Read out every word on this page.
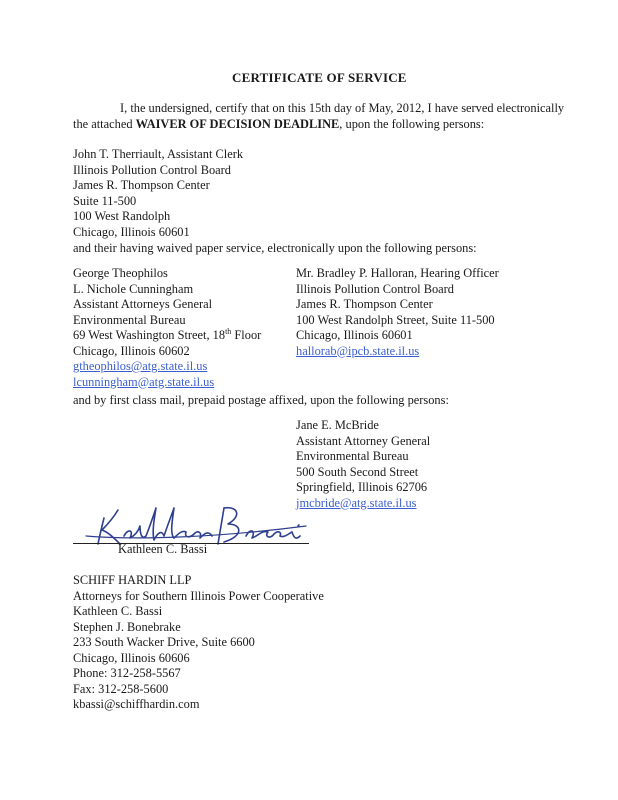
CERTIFICATE OF SERVICE
I, the undersigned, certify that on this 15th day of May, 2012, I have served electronically
the attached WAIVER OF DECISION DEADLINE, upon the following persons:
John T. Therriault, Assistant Clerk
Illinois Pollution Control Board
James R. Thompson Center
Suite 11-500
100 West Randolph
Chicago, Illinois 60601
and their having waived paper service, electronically upon the following persons:
George Theophilos
L. Nichole Cunningham
Assistant Attorneys General
Environmental Bureau
69 West Washington Street, 18th Floor
Chicago, Illinois 60602
gtheophilos@atg.state.il.us
lcunningham@atg.state.il.us
Mr. Bradley P. Halloran, Hearing Officer
Illinois Pollution Control Board
James R. Thompson Center
100 West Randolph Street, Suite 11-500
Chicago, Illinois 60601
hallorab@ipcb.state.il.us
and by first class mail, prepaid postage affixed, upon the following persons:
Jane E. McBride
Assistant Attorney General
Environmental Bureau
500 South Second Street
Springfield, Illinois 62706
jmcbride@atg.state.il.us
Kathleen C. Bassi
SCHIFF HARDIN LLP
Attorneys for Southern Illinois Power Cooperative
Kathleen C. Bassi
Stephen J. Bonebrake
233 South Wacker Drive, Suite 6600
Chicago, Illinois 60606
Phone: 312-258-5567
Fax: 312-258-5600
kbassi@schiffhardin.com
